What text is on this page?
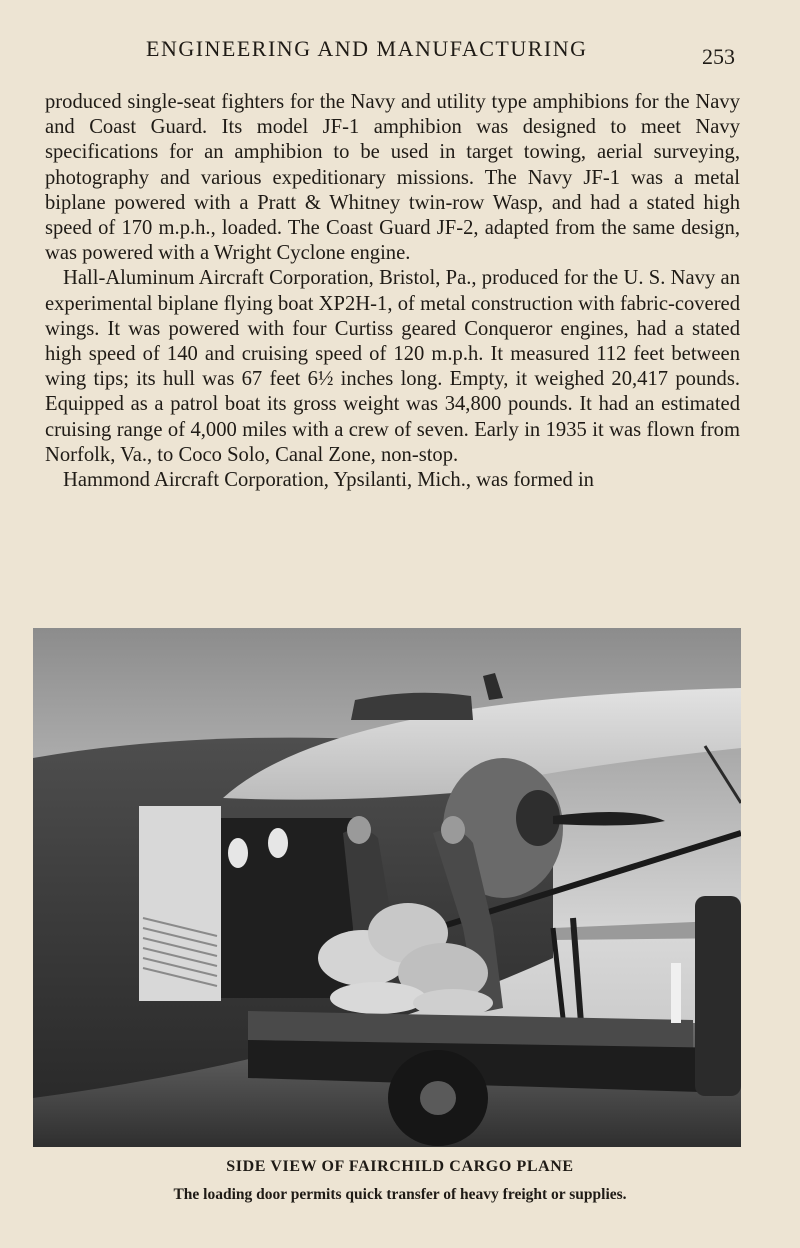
ENGINEERING AND MANUFACTURING	253

produced single-seat fighters for the Navy and utility type amphibions for the Navy and Coast Guard. Its model JF-1 amphibion was designed to meet Navy specifications for an amphibion to be used in target towing, aerial surveying, photography and various expeditionary missions. The Navy JF-1 was a metal biplane powered with a Pratt & Whitney twin-row Wasp, and had a stated high speed of 170 m.p.h., loaded. The Coast Guard JF-2, adapted from the same design, was powered with a Wright Cyclone engine.

Hall-Aluminum Aircraft Corporation, Bristol, Pa., produced for the U. S. Navy an experimental biplane flying boat XP2H-1, of metal construction with fabric-covered wings. It was powered with four Curtiss geared Conqueror engines, had a stated high speed of 140 and cruising speed of 120 m.p.h. It measured 112 feet between wing tips; its hull was 67 feet 6½ inches long. Empty, it weighed 20,417 pounds. Equipped as a patrol boat its gross weight was 34,800 pounds. It had an estimated cruising range of 4,000 miles with a crew of seven. Early in 1935 it was flown from Norfolk, Va., to Coco Solo, Canal Zone, non-stop.

Hammond Aircraft Corporation, Ypsilanti, Mich., was formed in

SIDE VIEW OF FAIRCHILD CARGO PLANE
The loading door permits quick transfer of heavy freight or supplies.
